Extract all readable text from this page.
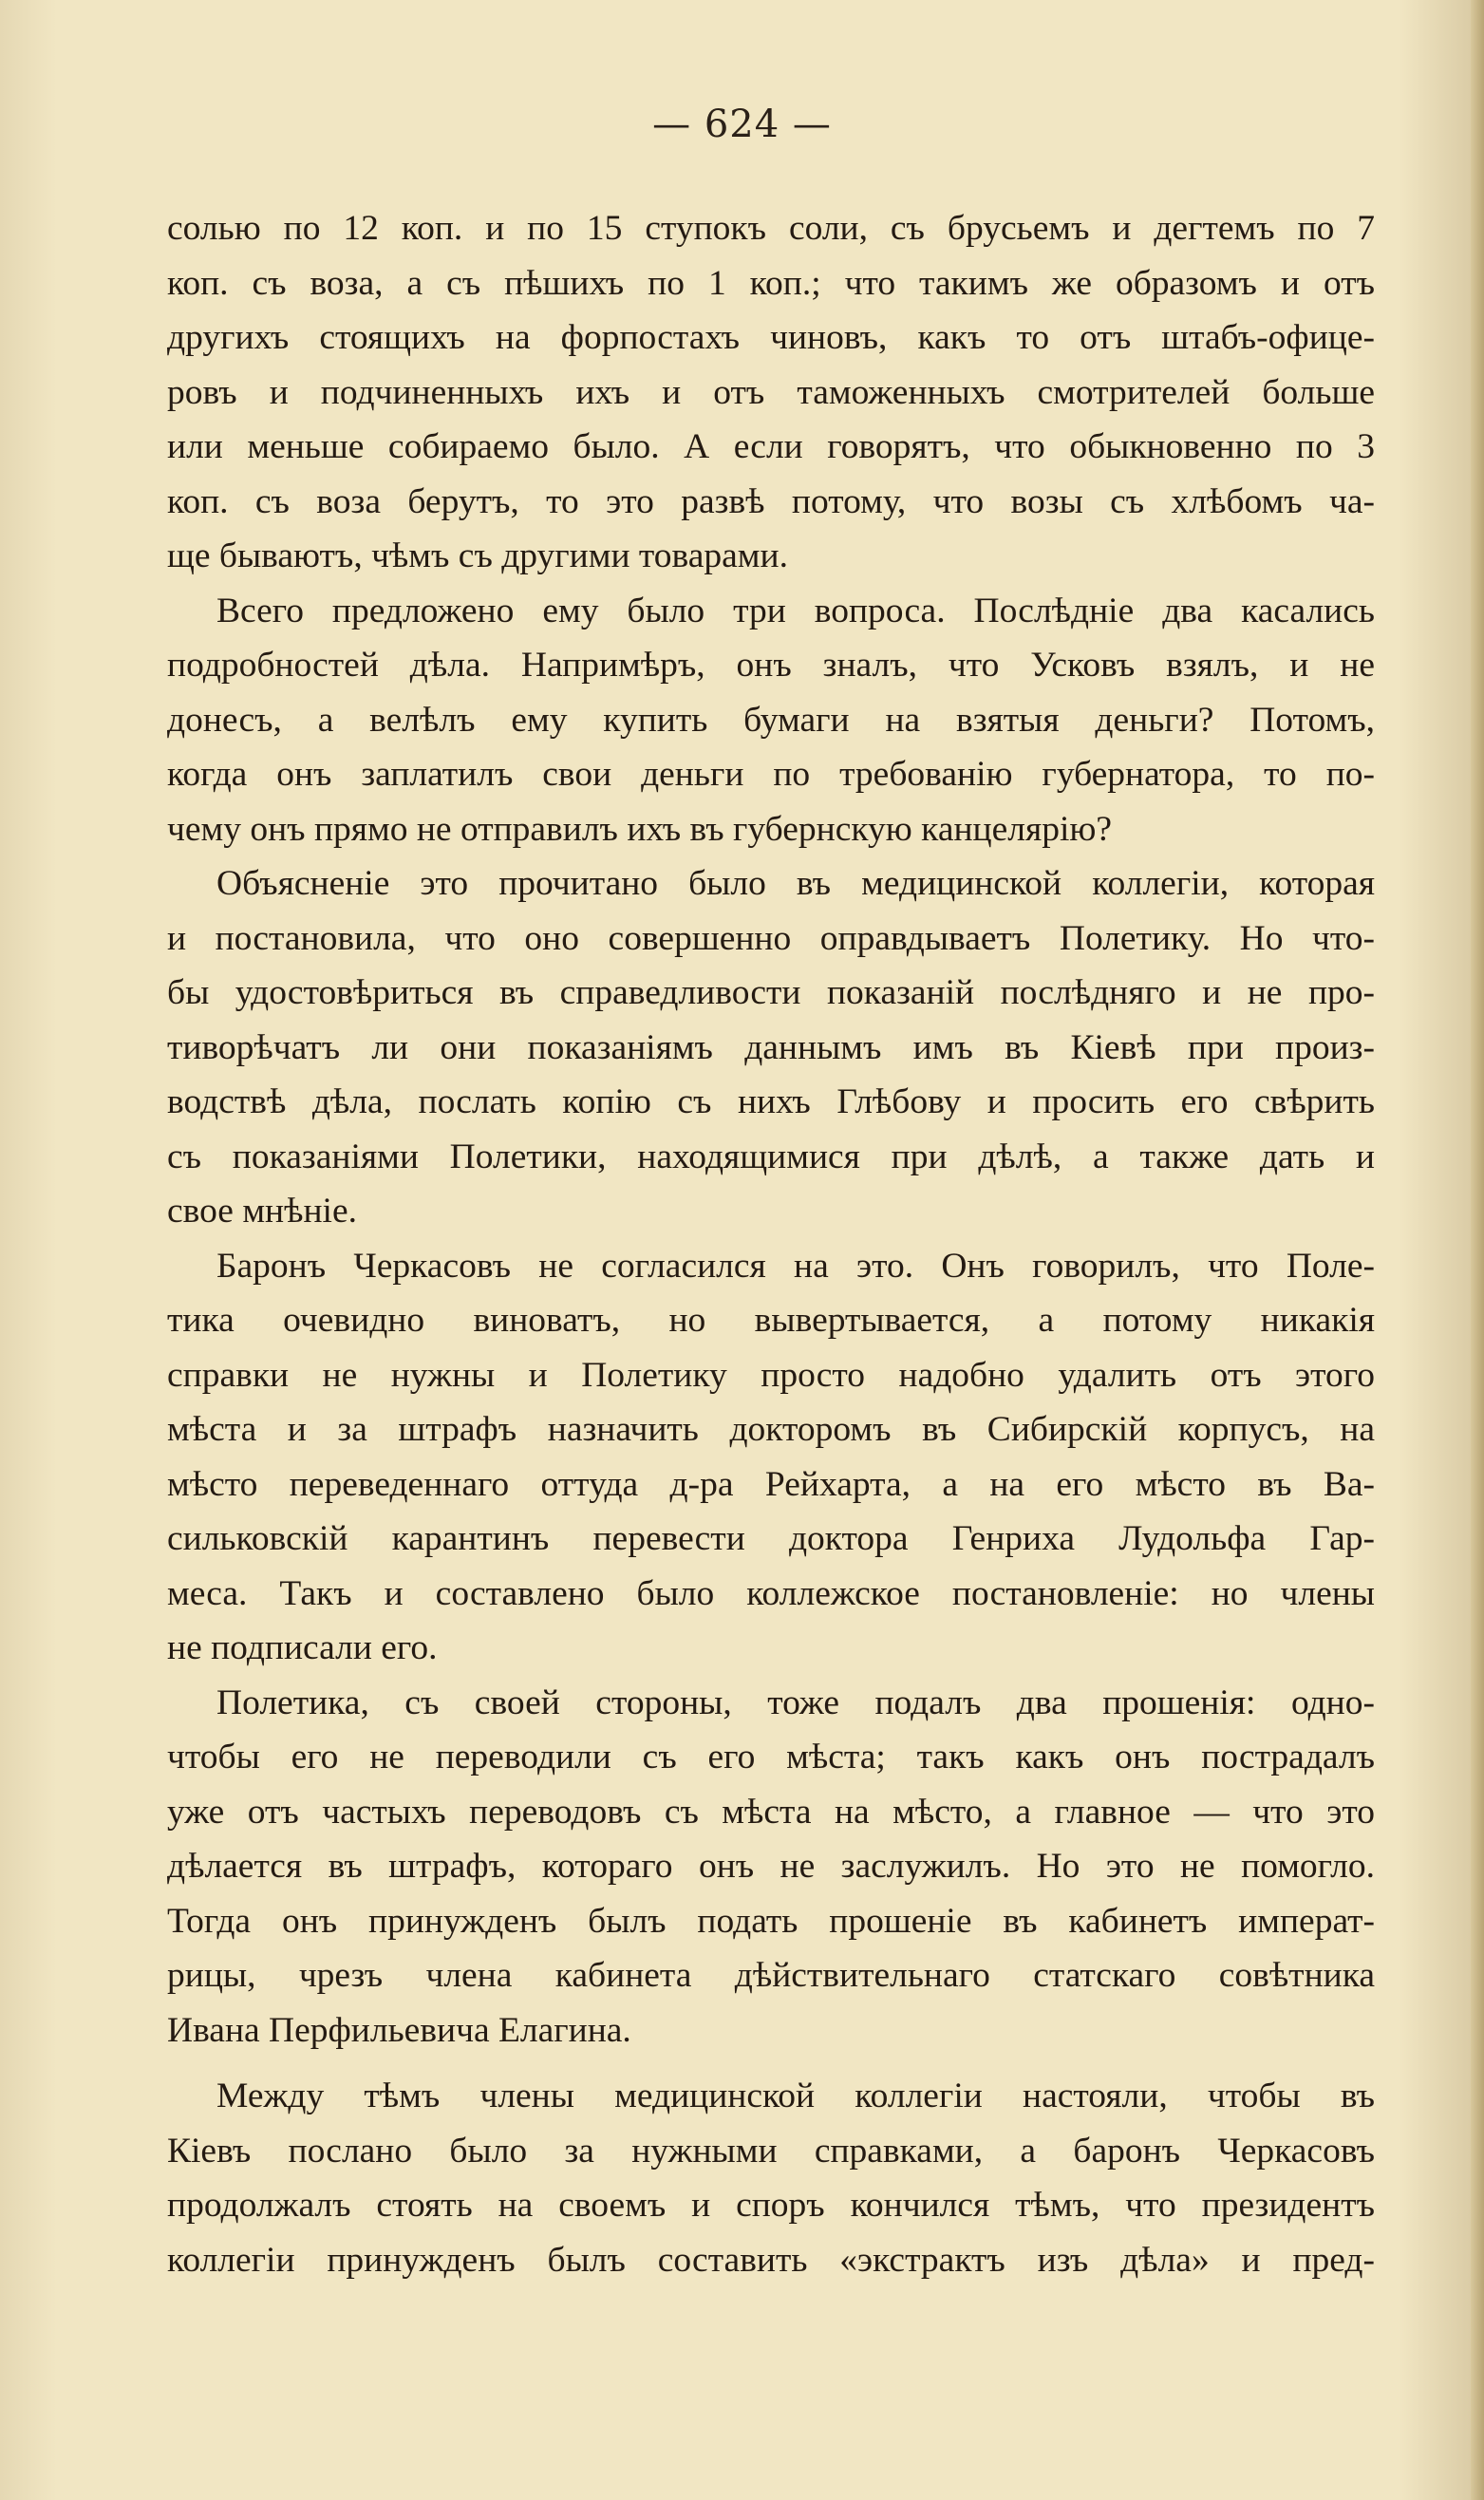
— 624 —
солью по 12 коп. и по 15 ступокъ соли, съ брусьемъ и дегтемъ по 7
коп. съ воза, а съ пѣшихъ по 1 коп.; что такимъ же образомъ и отъ
другихъ стоящихъ на форпостахъ чиновъ, какъ то отъ штабъ-офице-
ровъ и подчиненныхъ ихъ и отъ таможенныхъ смотрителей больше
или меньше собираемо было. А если говорятъ, что обыкновенно по 3
коп. съ воза берутъ, то это развѣ потому, что возы съ хлѣбомъ ча-
ще бываютъ, чѣмъ съ другими товарами.
Всего предложено ему было три вопроса. Послѣдніе два касались
подробностей дѣла. Напримѣръ, онъ зналъ, что Усковъ взялъ, и не
донесъ, а велѣлъ ему купить бумаги на взятыя деньги? Потомъ,
когда онъ заплатилъ свои деньги по требованію губернатора, то по-
чему онъ прямо не отправилъ ихъ въ губернскую канцелярію?
Объясненіе это прочитано было въ медицинской коллегіи, которая
и постановила, что оно совершенно оправдываетъ Полетику. Но что-
бы удостовѣриться въ справедливости показаній послѣдняго и не про-
тиворѣчатъ ли они показаніямъ даннымъ имъ въ Кіевѣ при произ-
водствѣ дѣла, послать копію съ нихъ Глѣбову и просить его свѣрить
съ показаніями Полетики, находящимися при дѣлѣ, а также дать и
свое мнѣніе.
Баронъ Черкасовъ не согласился на это. Онъ говорилъ, что Поле-
тика очевидно виноватъ, но вывертывается, а потому никакія
справки не нужны и Полетику просто надобно удалить отъ этого
мѣста и за штрафъ назначить докторомъ въ Сибирскій корпусъ, на
мѣсто переведеннаго оттуда д-ра Рейхарта, а на его мѣсто въ Ва-
сильковскій карантинъ перевести доктора Генриха Лудольфа Гар-
меса. Такъ и составлено было коллежское постановленіе: но члены
не подписали его.
Полетика, съ своей стороны, тоже подалъ два прошенія: одно-
чтобы его не переводили съ его мѣста; такъ какъ онъ пострадалъ
уже отъ частыхъ переводовъ съ мѣста на мѣсто, а главное — что это
дѣлается въ штрафъ, котораго онъ не заслужилъ. Но это не помогло.
Тогда онъ принужденъ былъ подать прошеніе въ кабинетъ императ-
рицы, чрезъ члена кабинета дѣйствительнаго статскаго совѣтника
Ивана Перфильевича Елагина.
Между тѣмъ члены медицинской коллегіи настояли, чтобы въ
Кіевъ послано было за нужными справками, а баронъ Черкасовъ
продолжалъ стоять на своемъ и споръ кончился тѣмъ, что президентъ
коллегіи принужденъ былъ составить «экстрактъ изъ дѣла» и пред-
